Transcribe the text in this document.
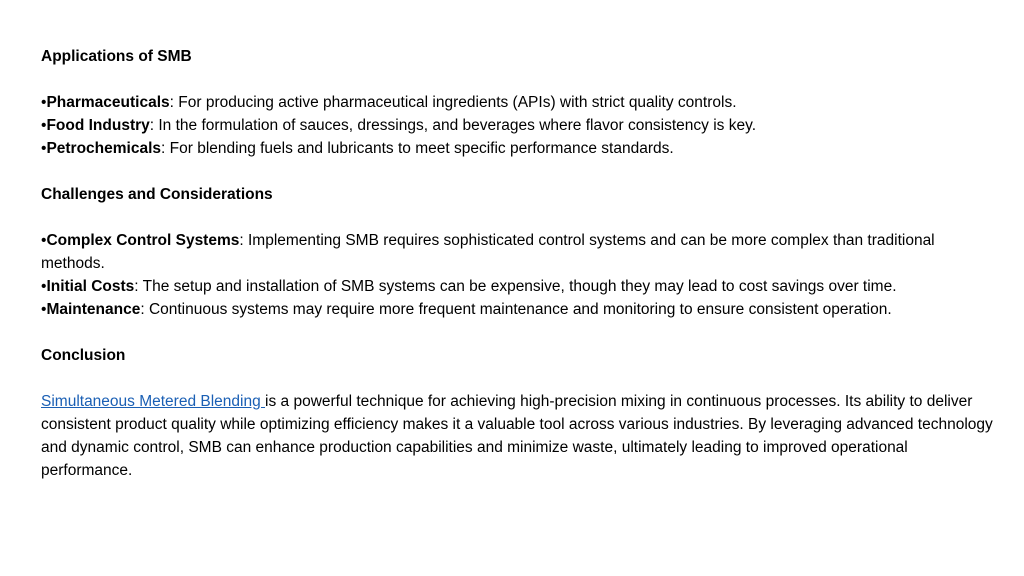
Applications of SMB

•Pharmaceuticals: For producing active pharmaceutical ingredients (APIs) with strict quality controls.

•Food Industry: In the formulation of sauces, dressings, and beverages where flavor consistency is key.

•Petrochemicals: For blending fuels and lubricants to meet specific performance standards.

Challenges and Considerations

•Complex Control Systems: Implementing SMB requires sophisticated control systems and can be more complex than traditional methods.

•Initial Costs: The setup and installation of SMB systems can be expensive, though they may lead to cost savings over time.

•Maintenance: Continuous systems may require more frequent maintenance and monitoring to ensure consistent operation.

Conclusion

Simultaneous Metered Blending is a powerful technique for achieving high-precision mixing in continuous processes. Its ability to deliver consistent product quality while optimizing efficiency makes it a valuable tool across various industries. By leveraging advanced technology and dynamic control, SMB can enhance production capabilities and minimize waste, ultimately leading to improved operational performance.
